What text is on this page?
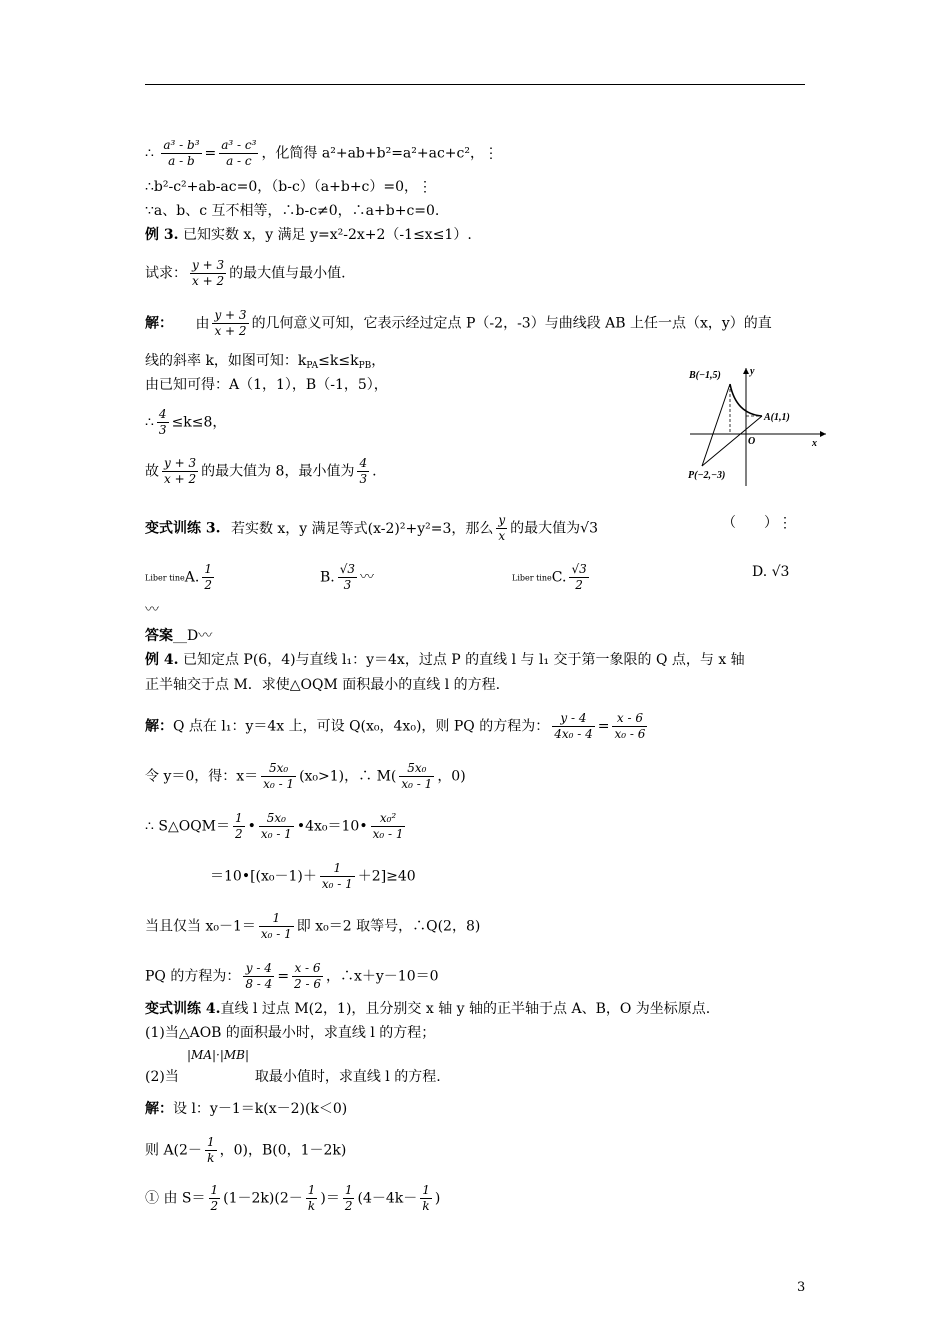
∴ $\frac{\text{a³ - b³}}{a - b} = \frac{\text{a³ - c³}}{a - c}$ ，化简得 a²+ab+b²=a²+ac+c²，⋮
∴b²-c²+ab-ac=0，（b-c）（a+b+c）=0，⋮
∵a、b、c 互不相等，∴b-c≠0，∴a+b+c=0.
例 3. 已知实数 x，y 满足 y=x²-2x+2（-1≤x≤1）.
试求： $\frac{y + 3}{x + 2}$ 的最大值与最小值.
解： 由 $\frac{y + 3}{x + 2}$ 的几何意义可知，它表示经过定点 P（-2，-3）与曲线段 AB 上任一点（x，y）的直
线的斜率 k，如图可知：$k_{PA}\le k\le k_{PB}$，
由已知可得：A（1，1），B（-1，5），
∴ $\frac{4}{3} \le k\le 8$，
故 $\frac{y + 3}{x + 2}$ 的最大值为 8，最小值为 $\frac{4}{3}$ .
B(−1,5)
A(1,1)
P(−2,−3)
O	x
y
变式训练 3. 若实数 x，y 满足等式(x-2)²+y²=3，那么 $\frac{y}{x}$ 的最大值为√3	（　　）⋮
Liber tineA. $\frac{1}{2}$	B. $\frac{√3}{3}$ 〰	Liber tineC. $\frac{√3}{2}$	D. √3
〰
答案__D〰
例 4. 已知定点 P(6，4)与直线 l₁：y＝4x，过点 P 的直线 l 与 l₁ 交于第一象限的 Q 点，与 x 轴
正半轴交于点 M．求使△OQM 面积最小的直线 l 的方程.
解：Q 点在 l₁：y＝4x 上，可设 Q(x₀，4x₀)，则 PQ 的方程为： $\frac{y - 4}{\text{4x₀ - 4}} = \frac{x - 6}{\text{x₀ - 6}}$
令 y＝0，得：$x= \frac{\text{5x₀}}{\text{x₀ - 1}} (x_0>1)$，∴ $M( \frac{\text{5x₀}}{\text{x₀ - 1}}$ ，0)
∴ S△OQM＝ $\frac{1}{2}$ • $\frac{\text{5x₀}}{\text{x₀ - 1}}$ •4x₀＝10• $\frac{\text{x₀²}}{\text{x₀ - 1}}$
＝10•[(x₀－1)＋ $\frac{1}{\text{x₀ - 1}} +2]\ge 40$
当且仅当 $x_0-1= \frac{1}{\text{x₀ - 1}}$ 即 x₀＝2 取等号，∴Q(2，8)
PQ 的方程为： $\frac{y - 4}{8 - 4} = \frac{x - 6}{2 - 6}$ ，∴x＋y－10＝0
变式训练 4.直线 l 过点 M(2，1)，且分别交 x 轴 y 轴的正半轴于点 A、B，O 为坐标原点.
(1)当△AOB 的面积最小时，求直线 l 的方程；
|MA|·|MB|
(2)当	取最小值时，求直线 l 的方程.
解：设 l：y－1＝k(x－2)(k＜0)
则 $A(2- \frac{1}{k}$ ，0)，B(0，1－2k)
① 由 $S= \frac{1}{2} (1-2k)(2- \frac{1}{k}$ )＝ $\frac{1}{2} (4-4k- \frac{1}{k}$ )
3
